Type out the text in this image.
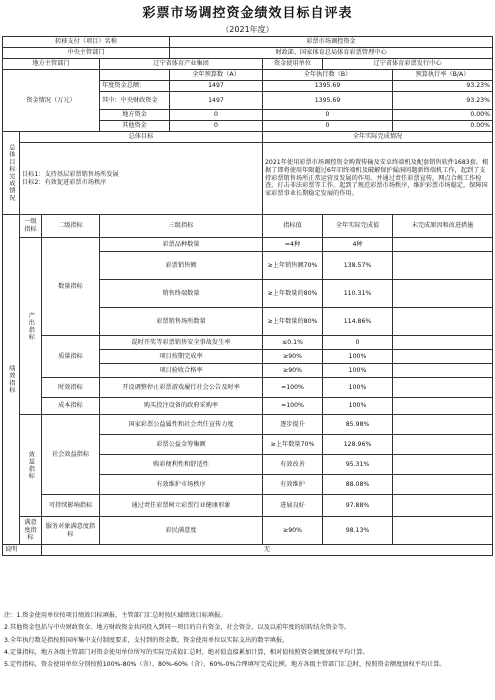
彩票市场调控资金绩效目标自评表
（2021年度）
转移支付（项目）名称				彩票市场调控资金			
中央主管部门				财政部、国家体育总局体育彩票管理中心			
地方主管部门			辽宁省体育产业集团		资金使用单位	辽宁省体育彩票发行中心	
资金情况（万元）				全年预算数（A）	全年执行数（B）		预算执行率（B/A）
			年度资金总额：	1497	1395.69		93.23%
			其中：中央财政资金	1497	1395.69		93.23%
			地方资金	0	0		0.00%
			其他资金	0	0		0.00%

总体目标完成情况	总体目标				全年实际完成情况		
	目标1：支持基层彩票销售场所发展
目标2：有效促进彩票市场秩序				2021年使用彩票市场调控资金购置传输及安卓终端机及配套销售软件1683套，根据了即将使用年限超过6年旧终端机及破解保护漏洞问题新终端机工作，起到了支持彩票销售场所正常运营及发展的作用。并通过责任彩票宣传，网点合规工作检查，打击非法彩票等工作，起到了规范彩票市场秩序，维护彩票市场稳定，保障国家彩票事业长期稳定发展的作用。		

绩效指标	一级指标	二级指标	三级指标		指标值	全年实际完成值	未完成原因和改进措施

	产出指标	数量指标	彩票品种数量		=4种	4种	
			彩票销售额		≥上年销售额70%	138.57%	
			销售终端数量		≥上年数量的80%	110.31%	
			彩票销售场所数量		≥上年数量的80%	114.86%	
		质量指标	混时开奖等彩票销售安全事故发生率		≤0.1%	0	
			项目按期完成率		≥90%	100%	
			项目验收合格率		≥90%	100%	
		时效指标	开设调整停止彩票游戏履行社会公告及时率		=100%	100%	
		成本指标	购买投注设备的政府采购率		=100%	100%	

	效益指标	社会效益指标	国家彩票公益属性和社会责任宣传力度		逐步提升	85.98%	
			彩票公益金筹集额		≥上年数量70%	128.96%	
			购彩便利性和舒适性		有效改善	95.31%	
			有效维护市场秩序		有效维护	88.08%	
		可持续影响指标	通过责任彩票树立彩票行业健康形象		进展良好	97.88%	
	满意度指标	服务对象满意度指标	彩民满意度		≥90%	98.13%	
说明		无					

注：1.资金使用单位按项目绩效目标填报，主管部门汇总时按区域绩效目标填报。

2.其他资金包括与中央财政资金、地方财政资金共同投入到同一项目的自有资金、社会资金，以及以前年度的结转结余资金等。

3.全年执行数是指按照国库集中支付制度要求，支付到的资金数，资金使用单位以实际支出的数字填报。

4.定量指标，地方各级主管部门对资金使用单位所写的实际完成值汇总时，绝对值直接累加计算，相对值按照资金额度加权平均计算。

5.定性指标，资金使用单位分别按照100%-80%（含）、80%-60%（含）、60%-0%合理填写完成比例。地方各级主管部门汇总时，按照资金额度加权平均计算。
